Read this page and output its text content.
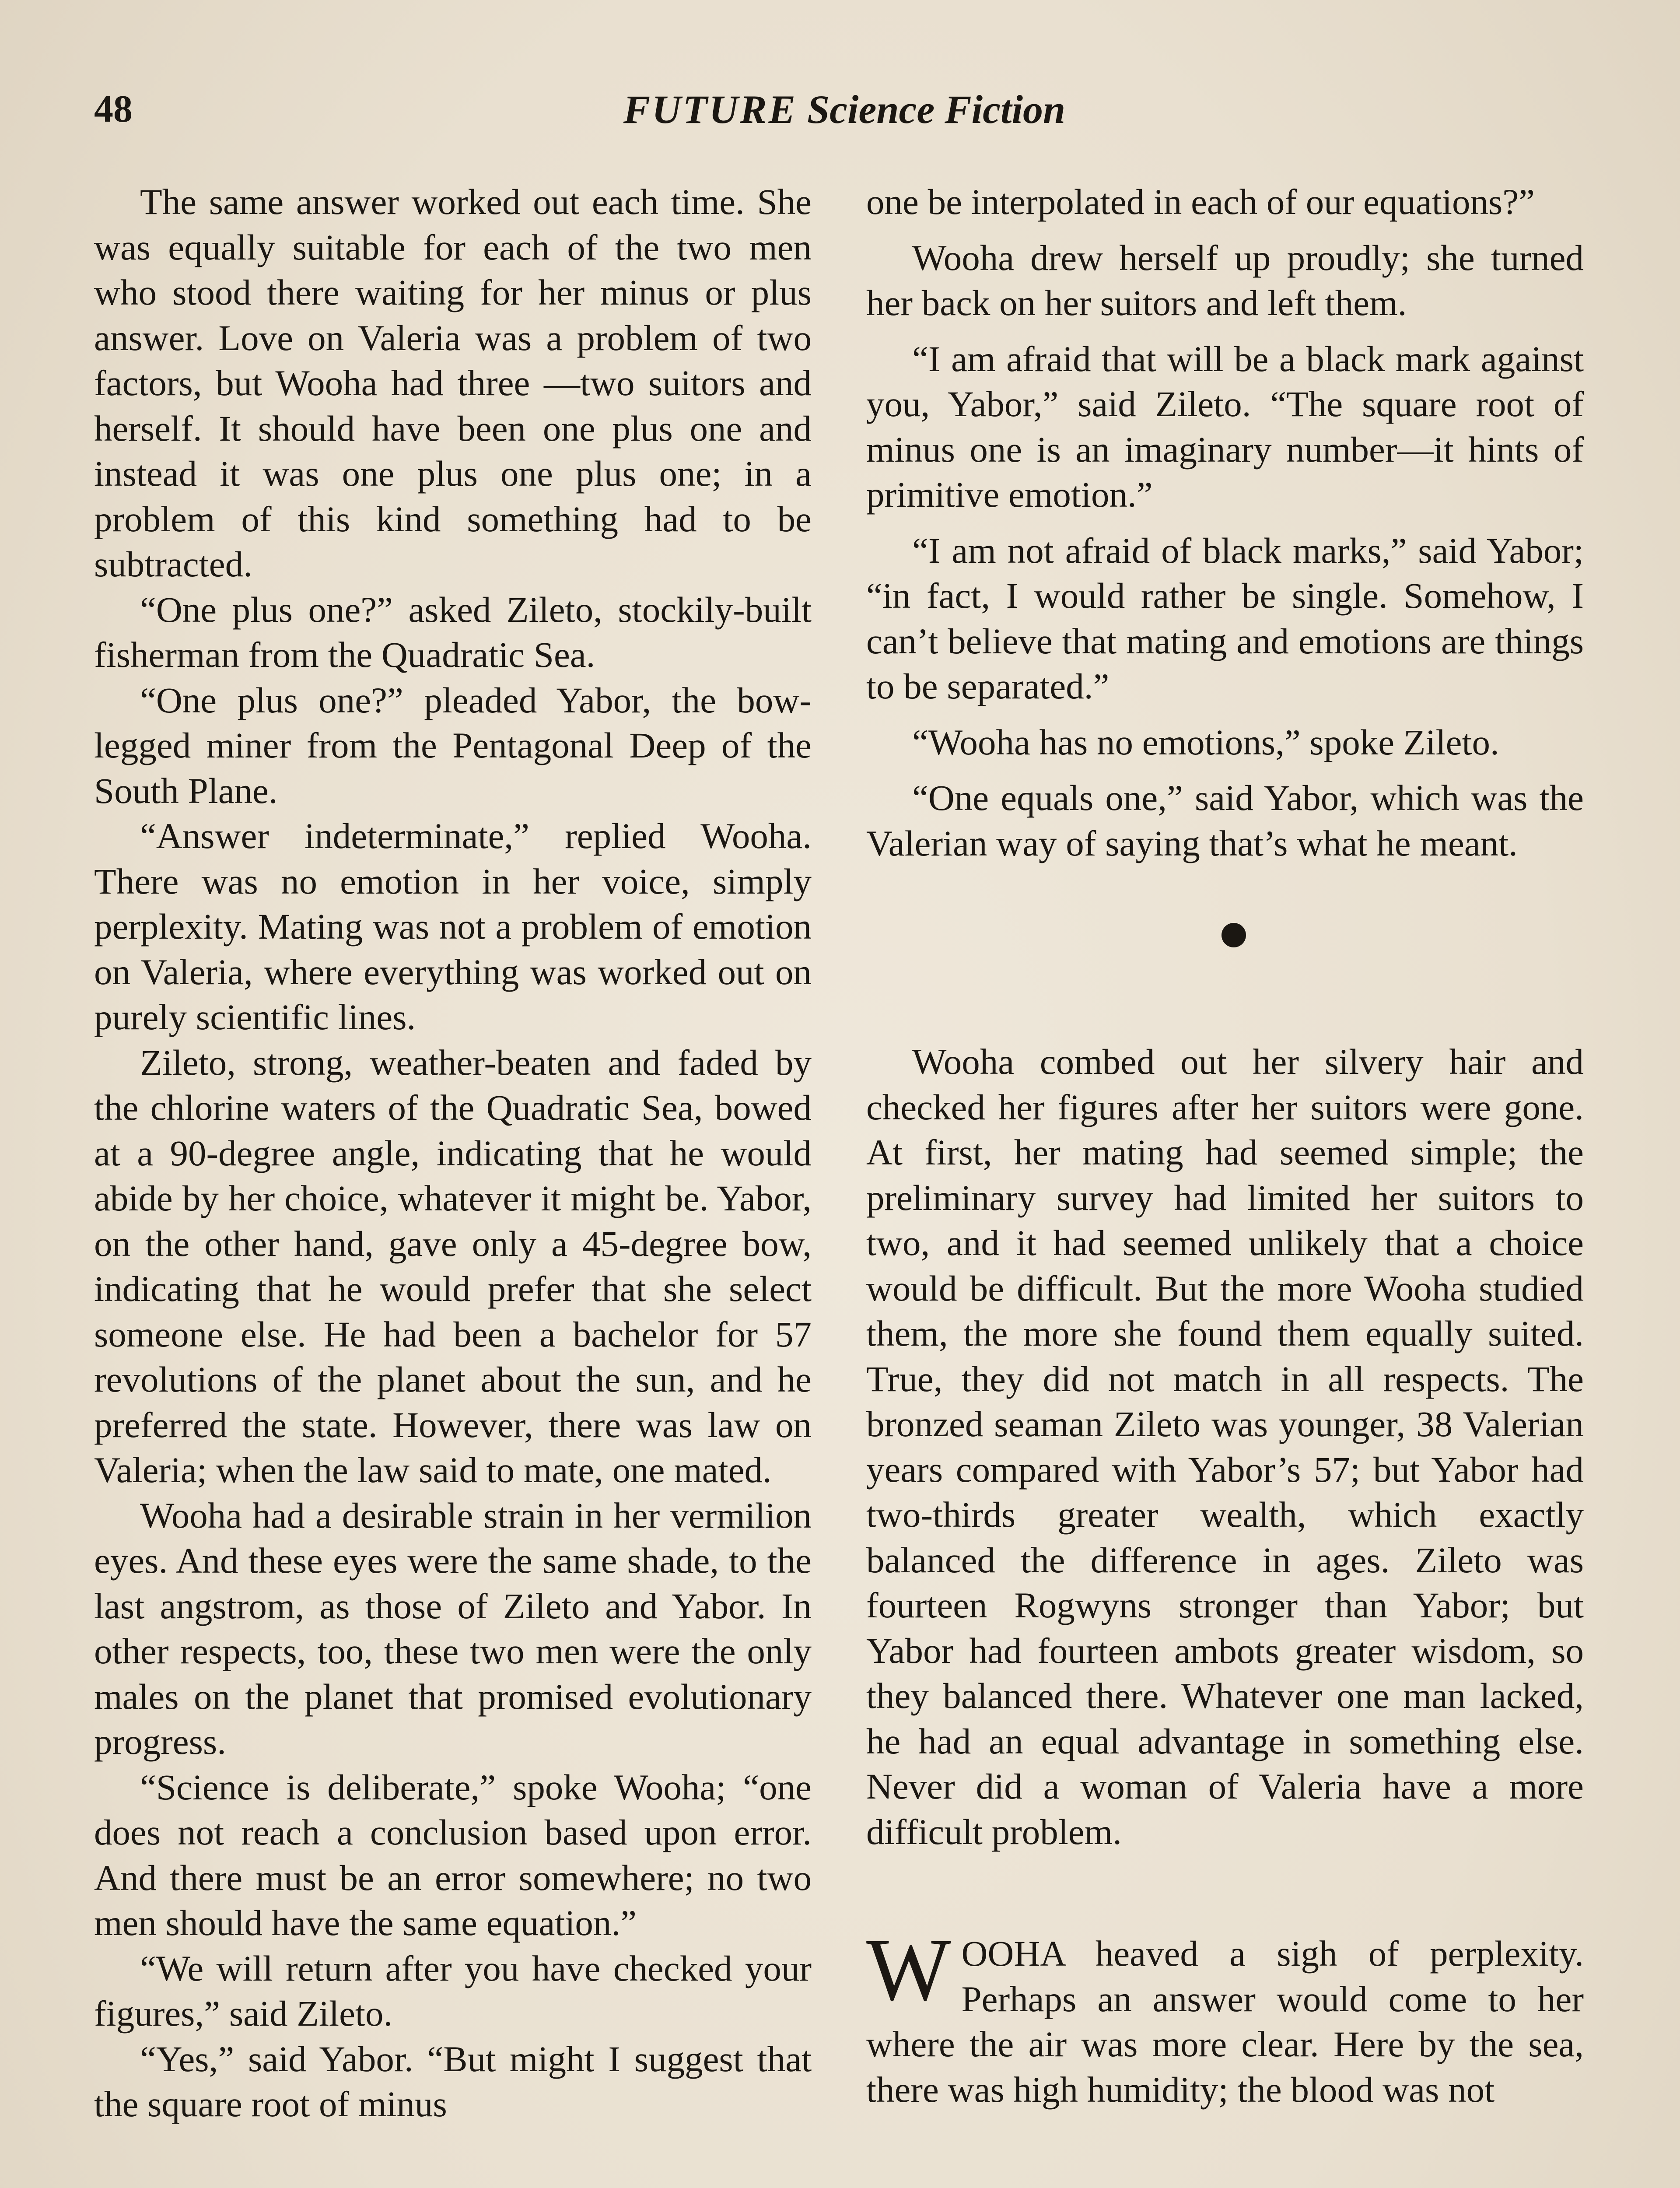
48	FUTURE Science Fiction

The same answer worked out each time. She was equally suitable for each of the two men who stood there waiting for her minus or plus answer. Love on Valeria was a problem of two factors, but Wooha had three —two suitors and herself. It should have been one plus one and instead it was one plus one plus one; in a problem of this kind something had to be subtracted.

“One plus one?” asked Zileto, stockily-built fisherman from the Quadratic Sea.

“One plus one?” pleaded Yabor, the bow-legged miner from the Pentagonal Deep of the South Plane.

“Answer indeterminate,” replied Wooha. There was no emotion in her voice, simply perplexity. Mating was not a problem of emotion on Valeria, where everything was worked out on purely scientific lines.

Zileto, strong, weather-beaten and faded by the chlorine waters of the Quadratic Sea, bowed at a 90-degree angle, indicating that he would abide by her choice, whatever it might be. Yabor, on the other hand, gave only a 45-degree bow, indicating that he would prefer that she select someone else. He had been a bachelor for 57 revolutions of the planet about the sun, and he preferred the state. However, there was law on Valeria; when the law said to mate, one mated.

Wooha had a desirable strain in her vermilion eyes. And these eyes were the same shade, to the last angstrom, as those of Zileto and Yabor. In other respects, too, these two men were the only males on the planet that promised evolutionary progress.

“Science is deliberate,” spoke Wooha; “one does not reach a conclusion based upon error. And there must be an error somewhere; no two men should have the same equation.”

“We will return after you have checked your figures,” said Zileto.

“Yes,” said Yabor. “But might I suggest that the square root of minus

one be interpolated in each of our equations?”

Wooha drew herself up proudly; she turned her back on her suitors and left them.

“I am afraid that will be a black mark against you, Yabor,” said Zileto. “The square root of minus one is an imaginary number—it hints of primitive emotion.”

“I am not afraid of black marks,” said Yabor; “in fact, I would rather be single. Somehow, I can’t believe that mating and emotions are things to be separated.”

“Wooha has no emotions,” spoke Zileto.

“One equals one,” said Yabor, which was the Valerian way of saying that’s what he meant.

Wooha combed out her silvery hair and checked her figures after her suitors were gone. At first, her mating had seemed simple; the preliminary survey had limited her suitors to two, and it had seemed unlikely that a choice would be difficult. But the more Wooha studied them, the more she found them equally suited. True, they did not match in all respects. The bronzed seaman Zileto was younger, 38 Valerian years compared with Yabor’s 57; but Yabor had two-thirds greater wealth, which exactly balanced the difference in ages. Zileto was fourteen Rogwyns stronger than Yabor; but Yabor had fourteen ambots greater wisdom, so they balanced there. Whatever one man lacked, he had an equal advantage in something else. Never did a woman of Valeria have a more difficult problem.

WOOHA heaved a sigh of perplexity. Perhaps an answer would come to her where the air was more clear. Here by the sea, there was high humidity; the blood was not
